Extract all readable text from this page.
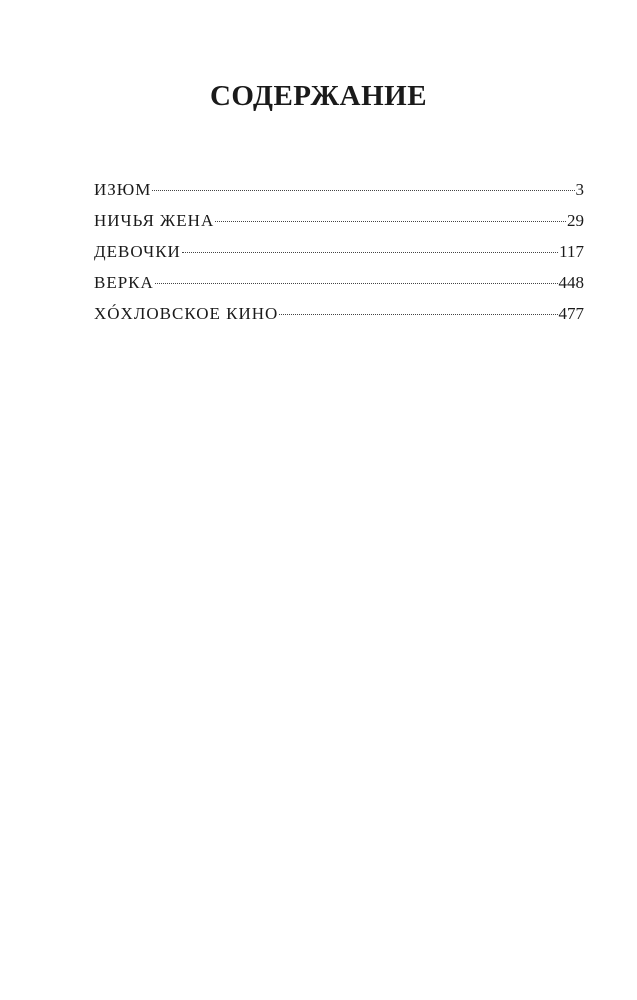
СОДЕРЖАНИЕ
ИЗЮМ	3
НИЧЬЯ ЖЕНА	29
ДЕВОЧКИ	117
ВЕРКА	448
ХÓХЛОВСКОЕ КИНО	477
